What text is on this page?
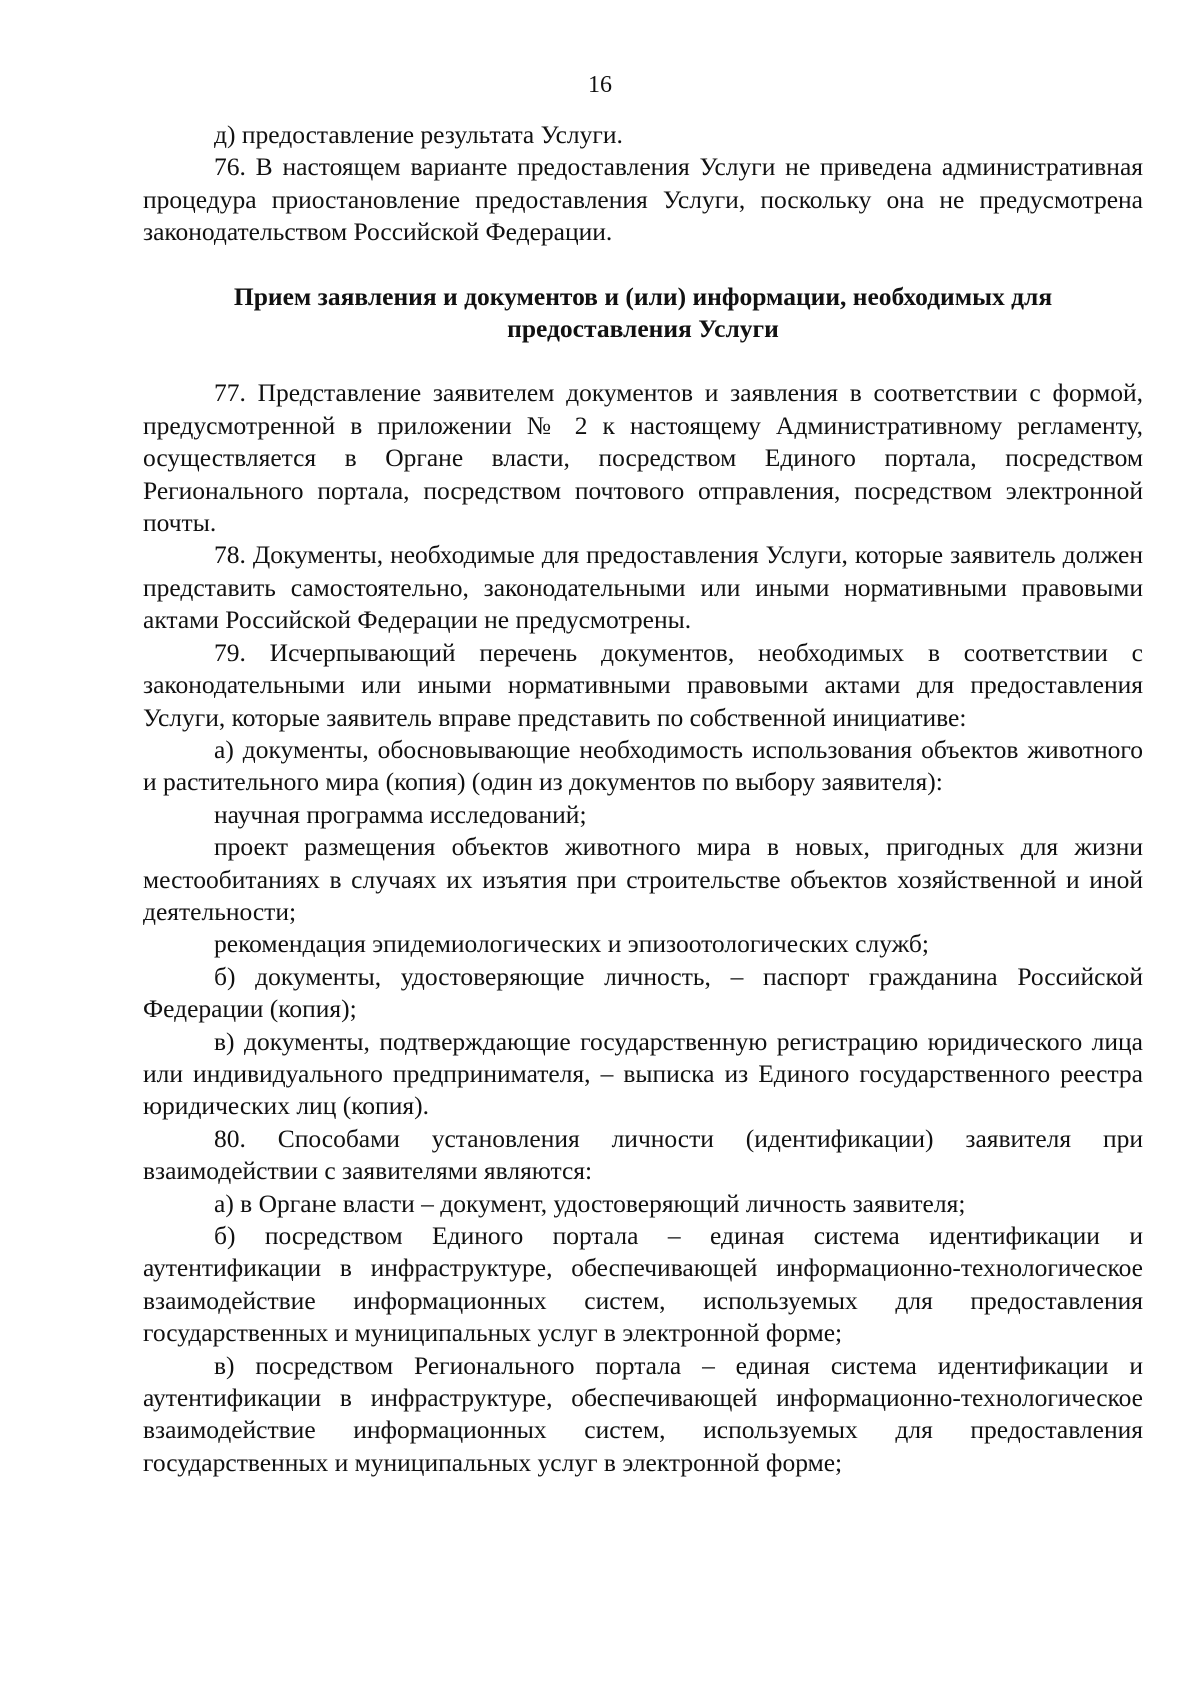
16

д) предоставление результата Услуги.

76. В настоящем варианте предоставления Услуги не приведена административная процедура приостановление предоставления Услуги, поскольку она не предусмотрена законодательством Российской Федерации.

Прием заявления и документов и (или) информации, необходимых для предоставления Услуги

77. Представление заявителем документов и заявления в соответствии с формой, предусмотренной в приложении № 2 к настоящему Административному регламенту, осуществляется в Органе власти, посредством Единого портала, посредством Регионального портала, посредством почтового отправления, посредством электронной почты.

78. Документы, необходимые для предоставления Услуги, которые заявитель должен представить самостоятельно, законодательными или иными нормативными правовыми актами Российской Федерации не предусмотрены.

79. Исчерпывающий перечень документов, необходимых в соответствии с законодательными или иными нормативными правовыми актами для предоставления Услуги, которые заявитель вправе представить по собственной инициативе:

а) документы, обосновывающие необходимость использования объектов животного и растительного мира (копия) (один из документов по выбору заявителя):

научная программа исследований;

проект размещения объектов животного мира в новых, пригодных для жизни местообитаниях в случаях их изъятия при строительстве объектов хозяйственной и иной деятельности;

рекомендация эпидемиологических и эпизоотологических служб;

б) документы, удостоверяющие личность, – паспорт гражданина Российской Федерации (копия);

в) документы, подтверждающие государственную регистрацию юридического лица или индивидуального предпринимателя, – выписка из Единого государственного реестра юридических лиц (копия).

80. Способами установления личности (идентификации) заявителя при взаимодействии с заявителями являются:

а) в Органе власти – документ, удостоверяющий личность заявителя;

б) посредством Единого портала – единая система идентификации и аутентификации в инфраструктуре, обеспечивающей информационно-технологическое взаимодействие информационных систем, используемых для предоставления государственных и муниципальных услуг в электронной форме;

в) посредством Регионального портала – единая система идентификации и аутентификации в инфраструктуре, обеспечивающей информационно-технологическое взаимодействие информационных систем, используемых для предоставления государственных и муниципальных услуг в электронной форме;
